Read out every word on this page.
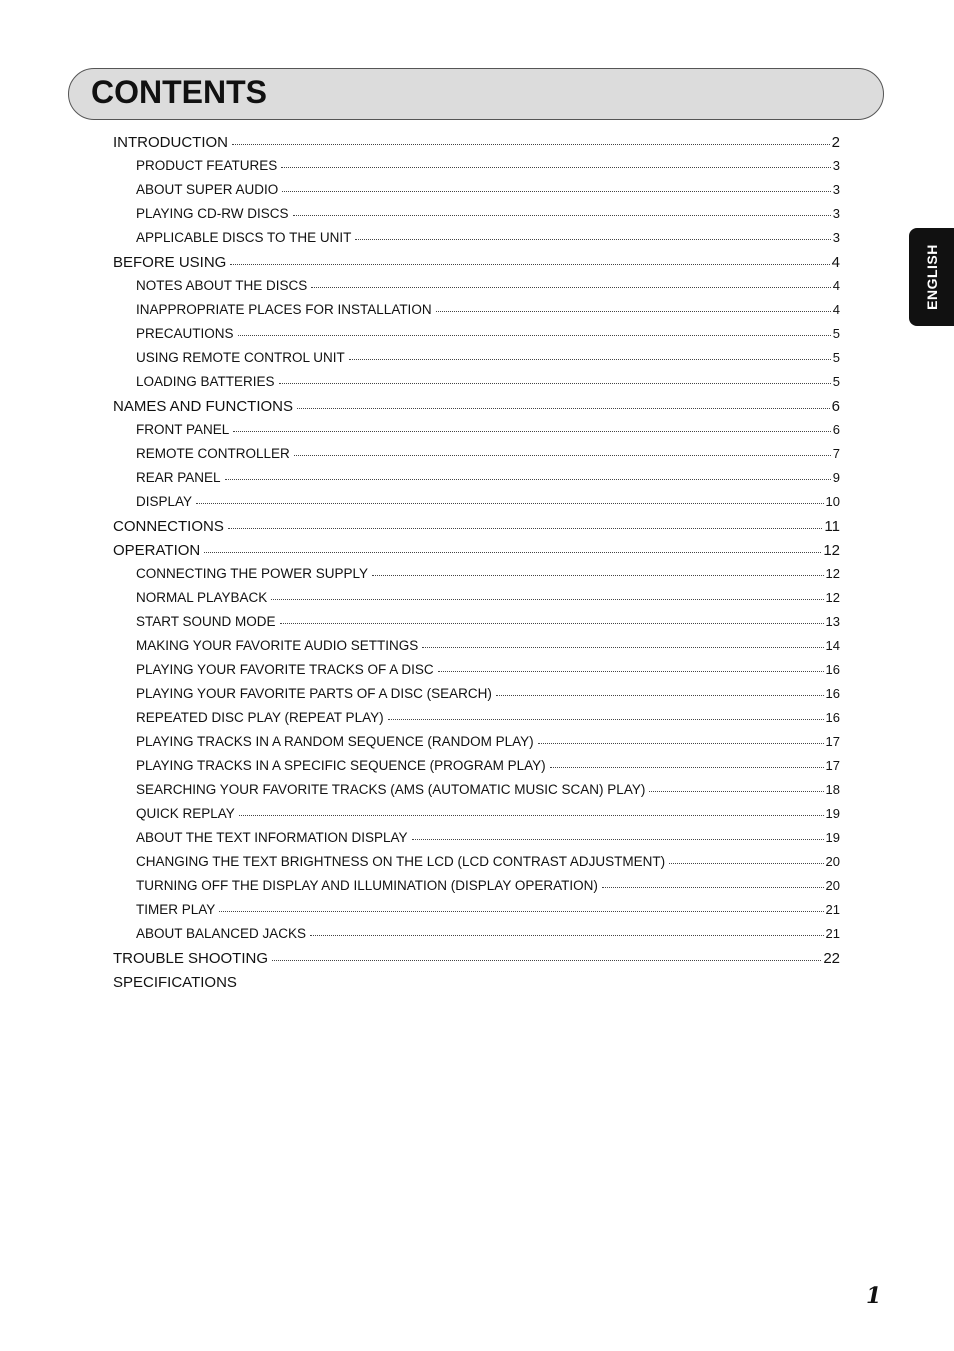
CONTENTS
ENGLISH
INTRODUCTION	2
PRODUCT FEATURES	3
ABOUT SUPER AUDIO	3
PLAYING CD-RW DISCS	3
APPLICABLE DISCS TO THE UNIT	3
BEFORE USING	4
NOTES ABOUT THE DISCS	4
INAPPROPRIATE PLACES FOR INSTALLATION	4
PRECAUTIONS	5
USING REMOTE CONTROL UNIT	5
LOADING BATTERIES	5
NAMES AND FUNCTIONS	6
FRONT PANEL	6
REMOTE CONTROLLER	7
REAR PANEL	9
DISPLAY	10
CONNECTIONS	11
OPERATION	12
CONNECTING THE POWER SUPPLY	12
NORMAL PLAYBACK	12
START SOUND MODE	13
MAKING YOUR FAVORITE AUDIO SETTINGS	14
PLAYING YOUR FAVORITE TRACKS OF A DISC	16
PLAYING YOUR FAVORITE PARTS OF A DISC (SEARCH)	16
REPEATED DISC PLAY (REPEAT PLAY)	16
PLAYING TRACKS IN A RANDOM SEQUENCE (RANDOM PLAY)	17
PLAYING TRACKS IN A SPECIFIC SEQUENCE (PROGRAM PLAY)	17
SEARCHING YOUR FAVORITE TRACKS (AMS (AUTOMATIC MUSIC SCAN) PLAY)	18
QUICK REPLAY	19
ABOUT THE TEXT INFORMATION DISPLAY	19
CHANGING THE TEXT BRIGHTNESS ON THE LCD (LCD CONTRAST ADJUSTMENT)	20
TURNING OFF THE DISPLAY AND ILLUMINATION (DISPLAY OPERATION)	20
TIMER PLAY	21
ABOUT BALANCED JACKS	21
TROUBLE SHOOTING	22
SPECIFICATIONS
1
